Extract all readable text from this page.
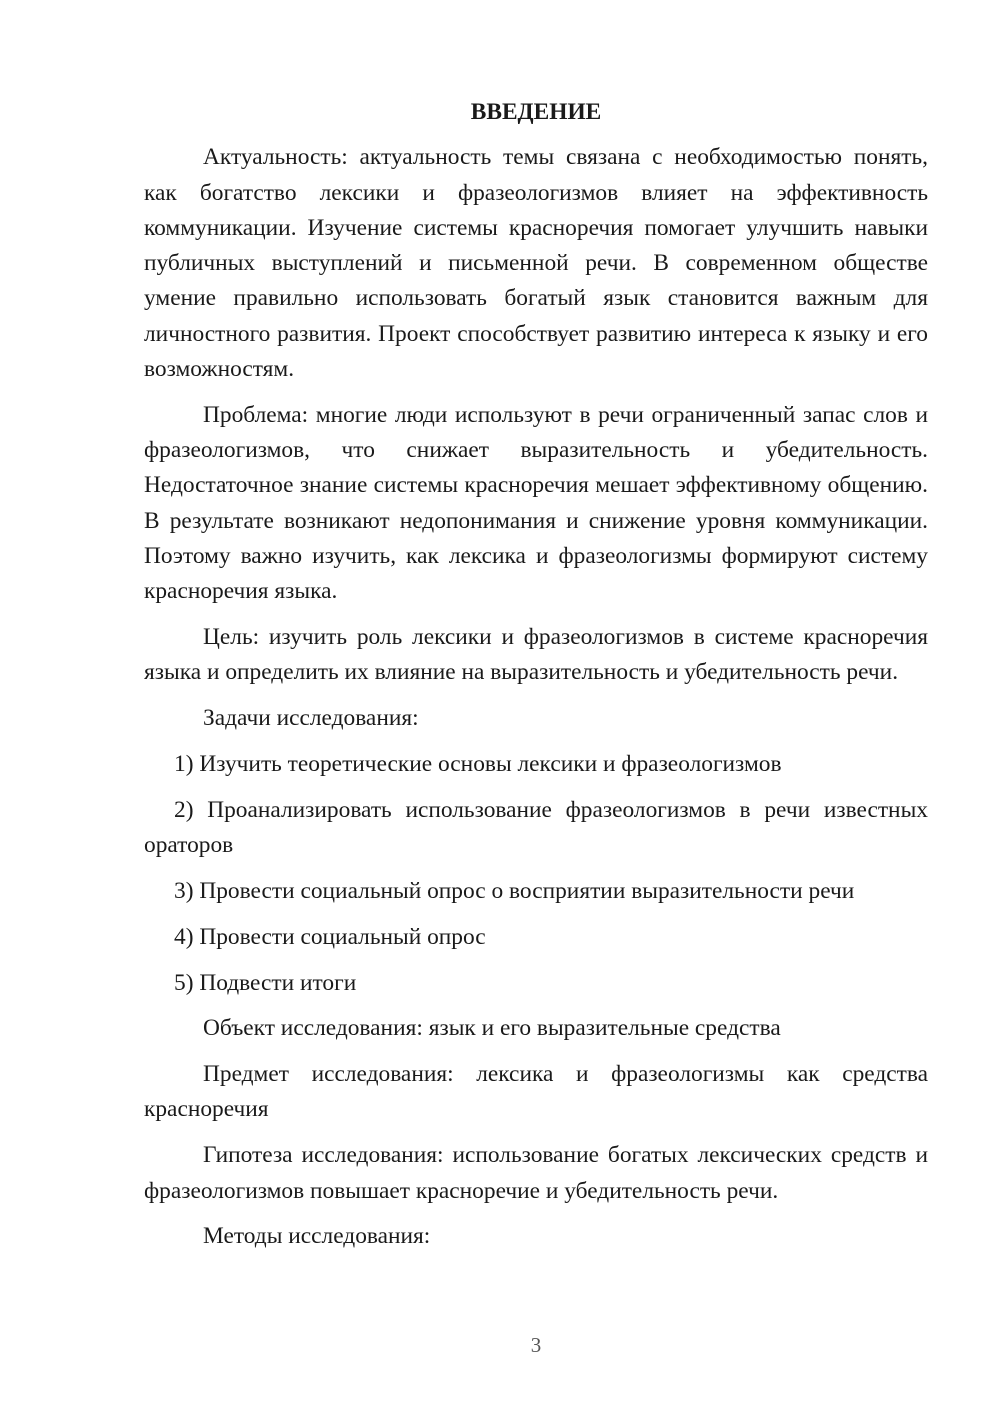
ВВЕДЕНИЕ

Актуальность: актуальность темы связана с необходимостью понять, как богатство лексики и фразеологизмов влияет на эффективность коммуникации. Изучение системы красноречия помогает улучшить навыки публичных выступлений и письменной речи. В современном обществе умение правильно использовать богатый язык становится важным для личностного развития. Проект способствует развитию интереса к языку и его возможностям.

Проблема: многие люди используют в речи ограниченный запас слов и фразеологизмов, что снижает выразительность и убедительность. Недостаточное знание системы красноречия мешает эффективному общению. В результате возникают недопонимания и снижение уровня коммуникации. Поэтому важно изучить, как лексика и фразеологизмы формируют систему красноречия языка.

Цель: изучить роль лексики и фразеологизмов в системе красноречия языка и определить их влияние на выразительность и убедительность речи.

Задачи исследования:

1) Изучить теоретические основы лексики и фразеологизмов

2) Проанализировать использование фразеологизмов в речи известных ораторов

3) Провести социальный опрос о восприятии выразительности речи

4) Провести социальный опрос

5) Подвести итоги

Объект исследования: язык и его выразительные средства

Предмет исследования: лексика и фразеологизмы как средства красноречия

Гипотеза исследования: использование богатых лексических средств и фразеологизмов повышает красноречие и убедительность речи.

Методы исследования:

3
